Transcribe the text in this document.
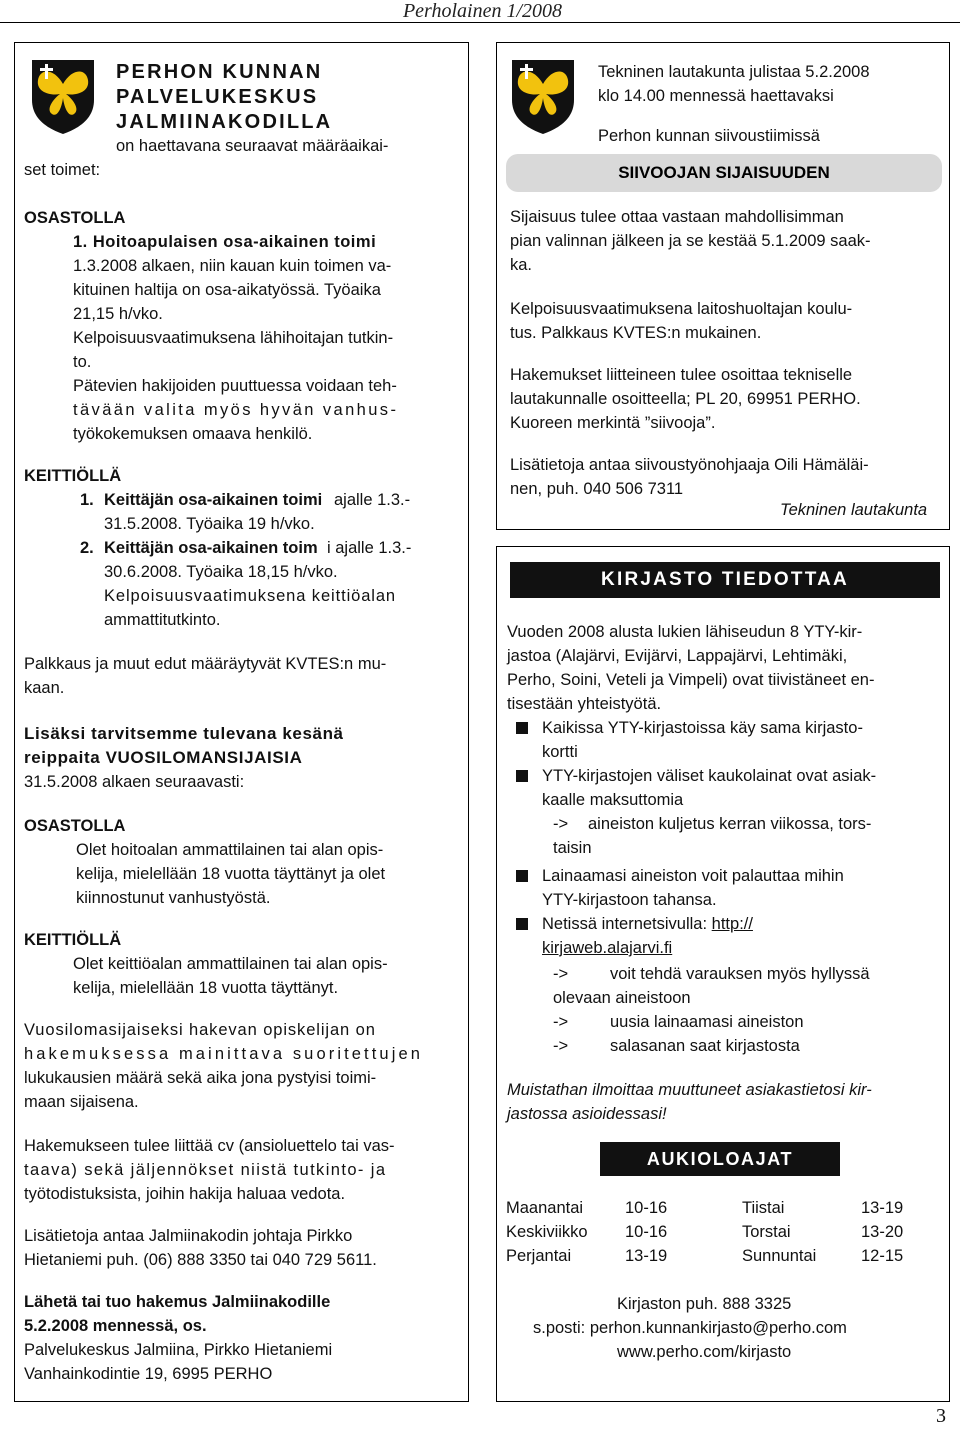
Perholainen 1/2008
PERHON KUNNAN
PALVELUKESKUS
JALMIINAKODILLA
on haettavana seuraavat määräaikai-
set toimet:
OSASTOLLA
1. Hoitoapulaisen osa-aikainen toimi
1.3.2008 alkaen, niin kauan kuin toimen va-
kituinen haltija on osa-aikatyössä. Työaika
21,15 h/vko.
Kelpoisuusvaatimuksena lähihoitajan tutkin-
to.
Pätevien hakijoiden puuttuessa voidaan teh-
tävään valita myös hyvän vanhus-
työkokemuksen omaava henkilö.
KEITTIÖLLÄ
1. Keittäjän osa-aikainen toimi ajalle 1.3.-
31.5.2008. Työaika 19 h/vko.
2. Keittäjän osa-aikainen toim i ajalle 1.3.-
30.6.2008. Työaika 18,15 h/vko.
Kelpoisuusvaatimuksena keittiöalan
ammattitutkinto.
Palkkaus ja muut edut määräytyvät KVTES:n mu-
kaan.
Lisäksi tarvitsemme tulevana kesänä
reippaita VUOSILOMANSIJAISIA
31.5.2008 alkaen seuraavasti:
OSASTOLLA
Olet hoitoalan ammattilainen tai alan opis-
kelija, mielellään 18 vuotta täyttänyt ja olet
kiinnostunut vanhustyöstä.
KEITTIÖLLÄ
Olet keittiöalan ammattilainen tai alan opis-
kelija, mielellään 18 vuotta täyttänyt.
Vuosilomasijaiseksi hakevan opiskelijan on
hakemuksessa mainittava suoritettujen
lukukausien määrä sekä aika jona pystyisi toimi-
maan sijaisena.
Hakemukseen tulee liittää cv (ansioluettelo tai vas-
taava) sekä jäljennökset niistä tutkinto- ja
työtodistuksista, joihin hakija haluaa vedota.
Lisätietoja antaa Jalmiinakodin johtaja Pirkko
Hietaniemi puh. (06) 888 3350 tai 040 729 5611.
Lähetä tai tuo hakemus Jalmiinakodille
5.2.2008 mennessä, os.
Palvelukeskus Jalmiina, Pirkko Hietaniemi
Vanhainkodintie 19, 6995 PERHO
Tekninen lautakunta julistaa 5.2.2008
klo 14.00 mennessä haettavaksi
Perhon kunnan siivoustiimissä
SIIVOOJAN SIJAISUUDEN
Sijaisuus tulee ottaa vastaan mahdollisimman
pian valinnan jälkeen ja se kestää 5.1.2009 saak-
ka.
Kelpoisuusvaatimuksena laitoshuoltajan koulu-
tus. Palkkaus KVTES:n mukainen.
Hakemukset liitteineen tulee osoittaa tekniselle
lautakunnalle osoitteella; PL 20, 69951 PERHO.
Kuoreen merkintä ”siivooja”.
Lisätietoja antaa siivoustyönohjaaja Oili Hämäläi-
nen, puh. 040 506 7311
Tekninen lautakunta
KIRJASTO TIEDOTTAA
Vuoden 2008 alusta lukien lähiseudun 8 YTY-kir-
jastoa (Alajärvi, Evijärvi, Lappajärvi, Lehtimäki,
Perho, Soini, Veteli ja Vimpeli) ovat tiivistäneet en-
tisestään yhteistyötä.
Kaikissa YTY-kirjastoissa käy sama kirjasto-
kortti
YTY-kirjastojen väliset kaukolainat ovat asiak-
kaalle maksuttomia
-> aineiston kuljetus kerran viikossa, tors-
taisin
Lainaamasi aineiston voit palauttaa mihin
YTY-kirjastoon tahansa.
Netissä internetsivulla: http://
kirjaweb.alajarvi.fi
->	voit tehdä varauksen myös hyllyssä
olevaan aineistoon
->	uusia lainaamasi aineiston
->	salasanan saat kirjastosta
Muistathan ilmoittaa muuttuneet asiakastietosi kir-
jastossa asioidessasi!
AUKIOLOAJAT
Maanantai	10-16	Tiistai	13-19
Keskiviikko 10-16	Torstai	13-20
Perjantai	13-19	Sunnuntai	12-15
Kirjaston puh. 888 3325
s.posti: perhon.kunnankirjasto@perho.com
www.perho.com/kirjasto
3
